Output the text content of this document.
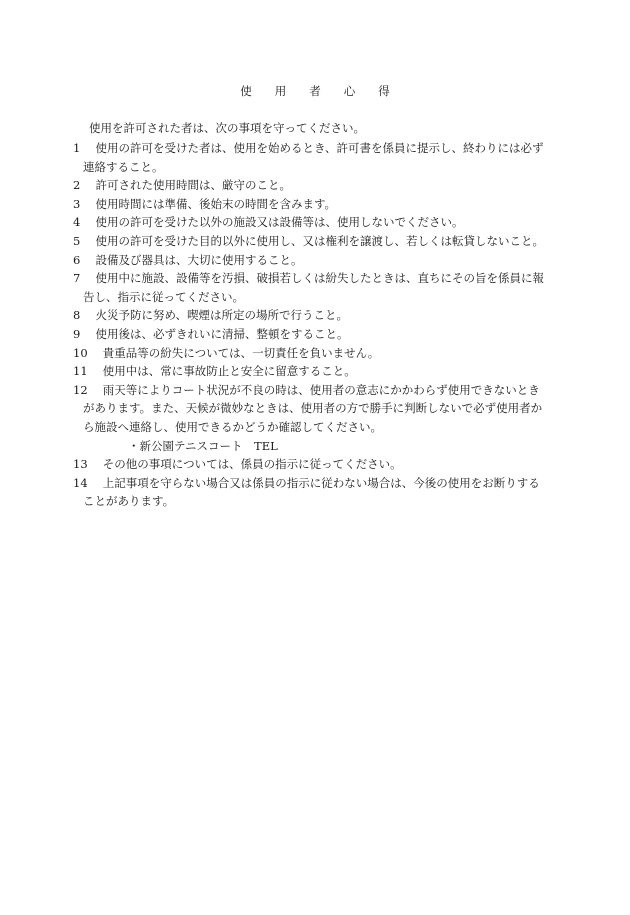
使　　用　　者　　心　　得
使用を許可された者は、次の事項を守ってください。
1　 使用の許可を受けた者は、使用を始めるとき、許可書を係員に提示し、終わりには必ず
連絡すること。
2　 許可された使用時間は、厳守のこと。
3　 使用時間には準備、後始末の時間を含みます。
4　 使用の許可を受けた以外の施設又は設備等は、使用しないでください。
5　 使用の許可を受けた目的以外に使用し、又は権利を譲渡し、若しくは転貸しないこと。
6　 設備及び器具は、大切に使用すること。
7　 使用中に施設、設備等を汚損、破損若しくは紛失したときは、直ちにその旨を係員に報
告し、指示に従ってください。
8　 火災予防に努め、喫煙は所定の場所で行うこと。
9　 使用後は、必ずきれいに清掃、整頓をすること。
10　 貴重品等の紛失については、一切責任を負いません。
11　 使用中は、常に事故防止と安全に留意すること。
12　 雨天等によりコート状況が不良の時は、使用者の意志にかかわらず使用できないとき
があります。また、天候が微妙なときは、使用者の方で勝手に判断しないで必ず使用者か
ら施設へ連絡し、使用できるかどうか確認してください。
・新公園テニスコート　TEL
13　 その他の事項については、係員の指示に従ってください。
14　 上記事項を守らない場合又は係員の指示に従わない場合は、今後の使用をお断りする
ことがあります。
